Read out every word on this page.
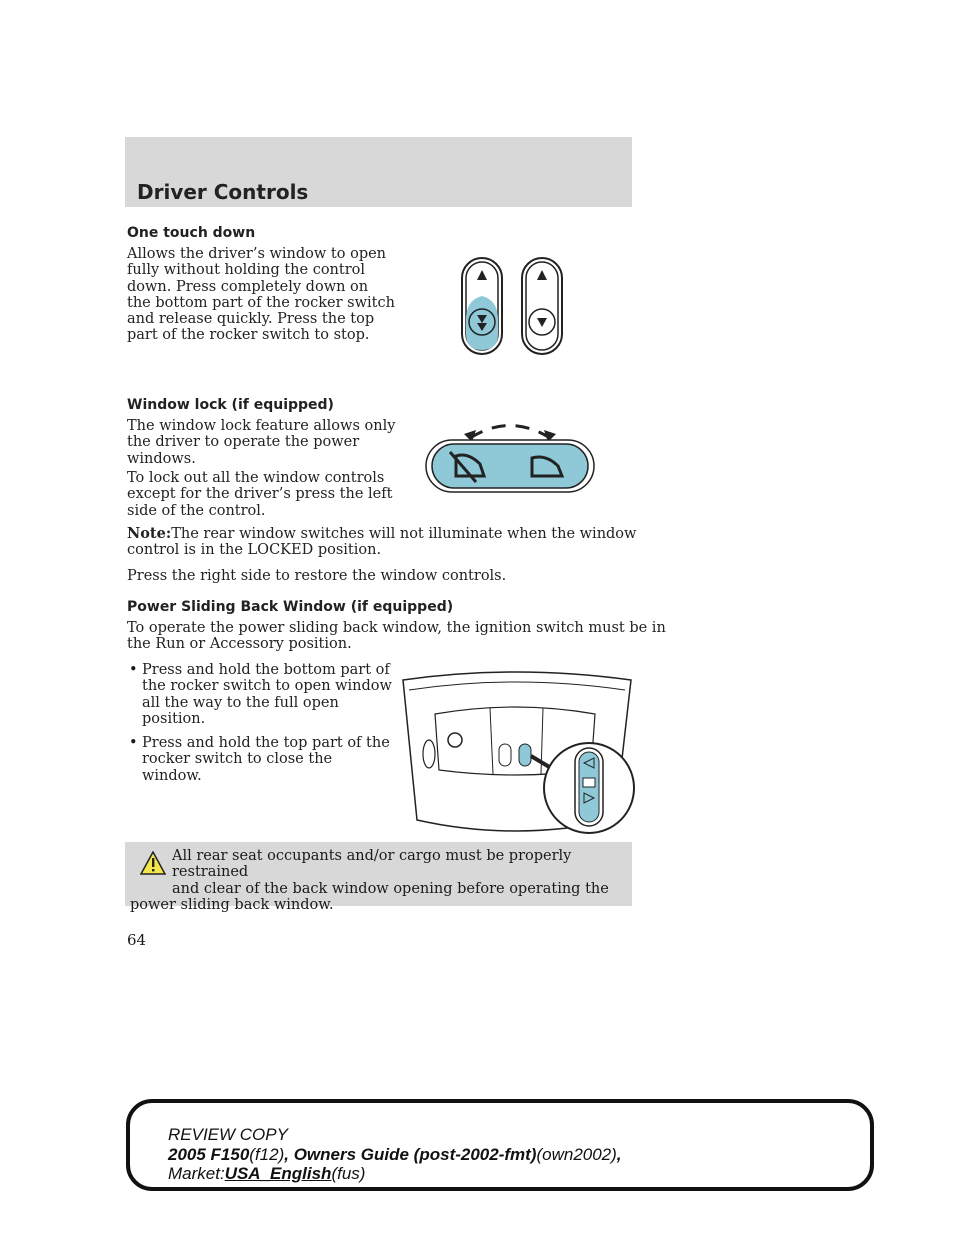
Driver Controls
One touch down
Allows the driver’s window to open
fully without holding the control
down. Press completely down on
the bottom part of the rocker switch
and release quickly. Press the top
part of the rocker switch to stop.
Window lock (if equipped)
The window lock feature allows only
the driver to operate the power
windows.
To lock out all the window controls
except for the driver’s press the left
side of the control.
Note:The rear window switches will not illuminate when the window
control is in the LOCKED position.
Press the right side to restore the window controls.
Power Sliding Back Window (if equipped)
To operate the power sliding back window, the ignition switch must be in
the Run or Accessory position.
• Press and hold the bottom part of
the rocker switch to open window
all the way to the full open
position.
• Press and hold the top part of the
rocker switch to close the
window.
All rear seat occupants and/or cargo must be properly restrained
and clear of the back window opening before operating the
power sliding back window.
64
REVIEW COPY
2005 F150(f12), Owners Guide (post-2002-fmt)(own2002),
Market:USA_English(fus)
